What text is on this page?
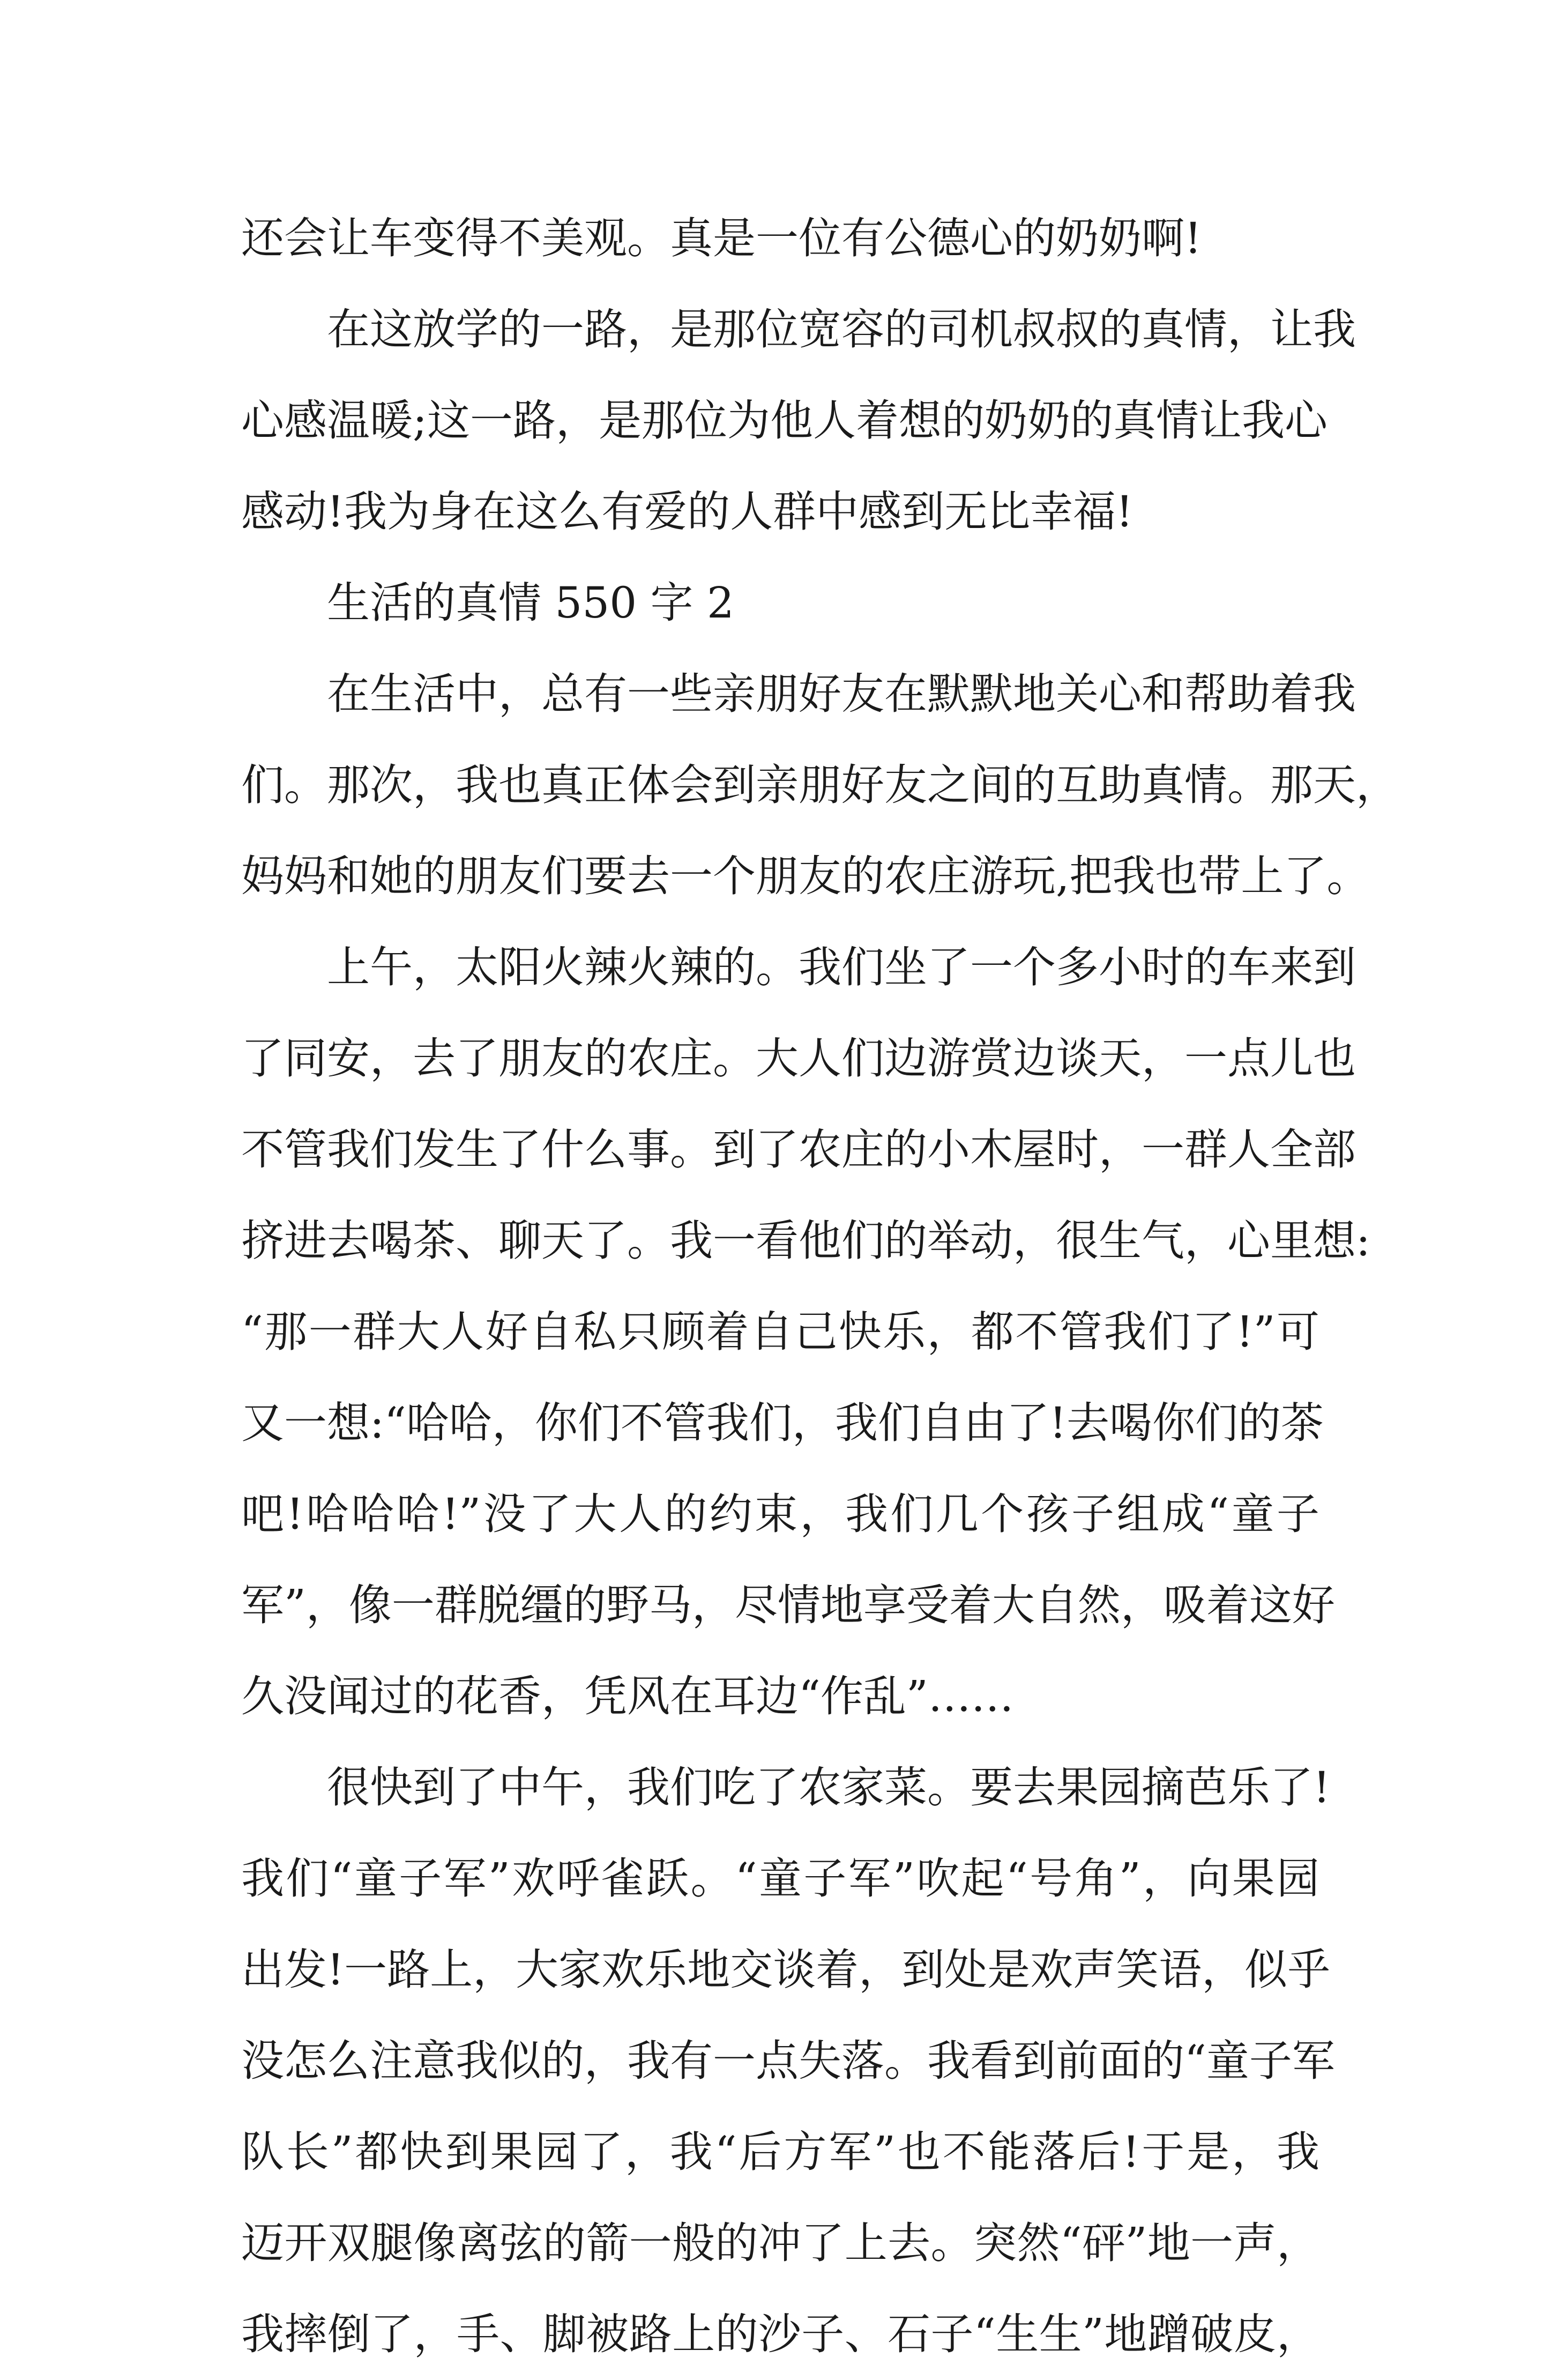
还会让车变得不美观。真是一位有公德心的奶奶啊!
在这放学的一路，是那位宽容的司机叔叔的真情，让我
心感温暖;这一路，是那位为他人着想的奶奶的真情让我心
感动!我为身在这么有爱的人群中感到无比幸福!
生活的真情 550 字 2
在生活中，总有一些亲朋好友在默默地关心和帮助着我
们。那次，我也真正体会到亲朋好友之间的互助真情。那天，
妈妈和她的朋友们要去一个朋友的农庄游玩,把我也带上了。
上午，太阳火辣火辣的。我们坐了一个多小时的车来到
了同安，去了朋友的农庄。大人们边游赏边谈天，一点儿也
不管我们发生了什么事。到了农庄的小木屋时，一群人全部
挤进去喝茶、聊天了。我一看他们的举动，很生气，心里想:
“那一群大人好自私只顾着自己快乐，都不管我们了!”可
又一想:“哈哈，你们不管我们，我们自由了!去喝你们的茶
吧!哈哈哈!”没了大人的约束，我们几个孩子组成“童子
军”，像一群脱缰的野马，尽情地享受着大自然，吸着这好
久没闻过的花香，凭风在耳边“作乱”……
很快到了中午，我们吃了农家菜。要去果园摘芭乐了!
我们“童子军”欢呼雀跃。“童子军”吹起“号角”，向果园
出发!一路上，大家欢乐地交谈着，到处是欢声笑语，似乎
没怎么注意我似的，我有一点失落。我看到前面的“童子军
队长”都快到果园了，我“后方军”也不能落后!于是，我
迈开双腿像离弦的箭一般的冲了上去。突然“砰”地一声，
我摔倒了，手、脚被路上的沙子、石子“生生”地蹭破皮，
